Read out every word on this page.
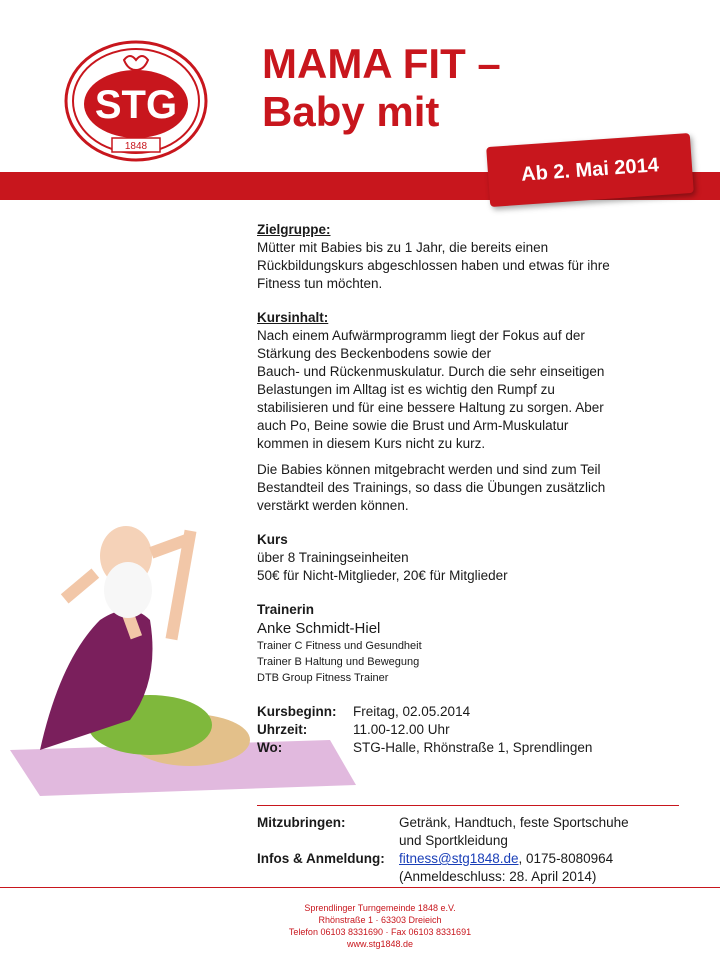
STG
1848
MAMA FIT –
Baby mit
Ab 2. Mai 2014
Zielgruppe:
Mütter mit Babies bis zu 1 Jahr, die bereits einen
Rückbildungskurs abgeschlossen haben und etwas für ihre
Fitness tun möchten.
Kursinhalt:
Nach einem Aufwärmprogramm liegt der Fokus auf der
Stärkung des Beckenbodens sowie der
Bauch- und Rückenmuskulatur. Durch die sehr einseitigen
Belastungen im Alltag ist es wichtig den Rumpf zu
stabilisieren und für eine bessere Haltung zu sorgen. Aber
auch Po, Beine sowie die Brust und Arm-Muskulatur
kommen in diesem Kurs nicht zu kurz.
Die Babies können mitgebracht werden und sind zum Teil
Bestandteil des Trainings, so dass die Übungen zusätzlich
verstärkt werden können.
Kurs
über 8 Trainingseinheiten
50€ für Nicht-Mitglieder, 20€ für Mitglieder
Trainerin
Anke Schmidt-Hiel
Trainer C Fitness und Gesundheit
Trainer B Haltung und Bewegung
DTB Group Fitness Trainer
Kursbeginn:	Freitag, 02.05.2014
Uhrzeit:	11.00-12.00 Uhr
Wo:	STG-Halle, Rhönstraße 1, Sprendlingen
Mitzubringen:	Getränk, Handtuch, feste Sportschuhe
und Sportkleidung
Infos & Anmeldung:	fitness@stg1848.de, 0175-8080964
(Anmeldeschluss: 28. April 2014)
Sprendlinger Turngemeinde 1848 e.V.
Rhönstraße 1 · 63303 Dreieich
Telefon 06103 8331690 · Fax 06103 8331691
www.stg1848.de
